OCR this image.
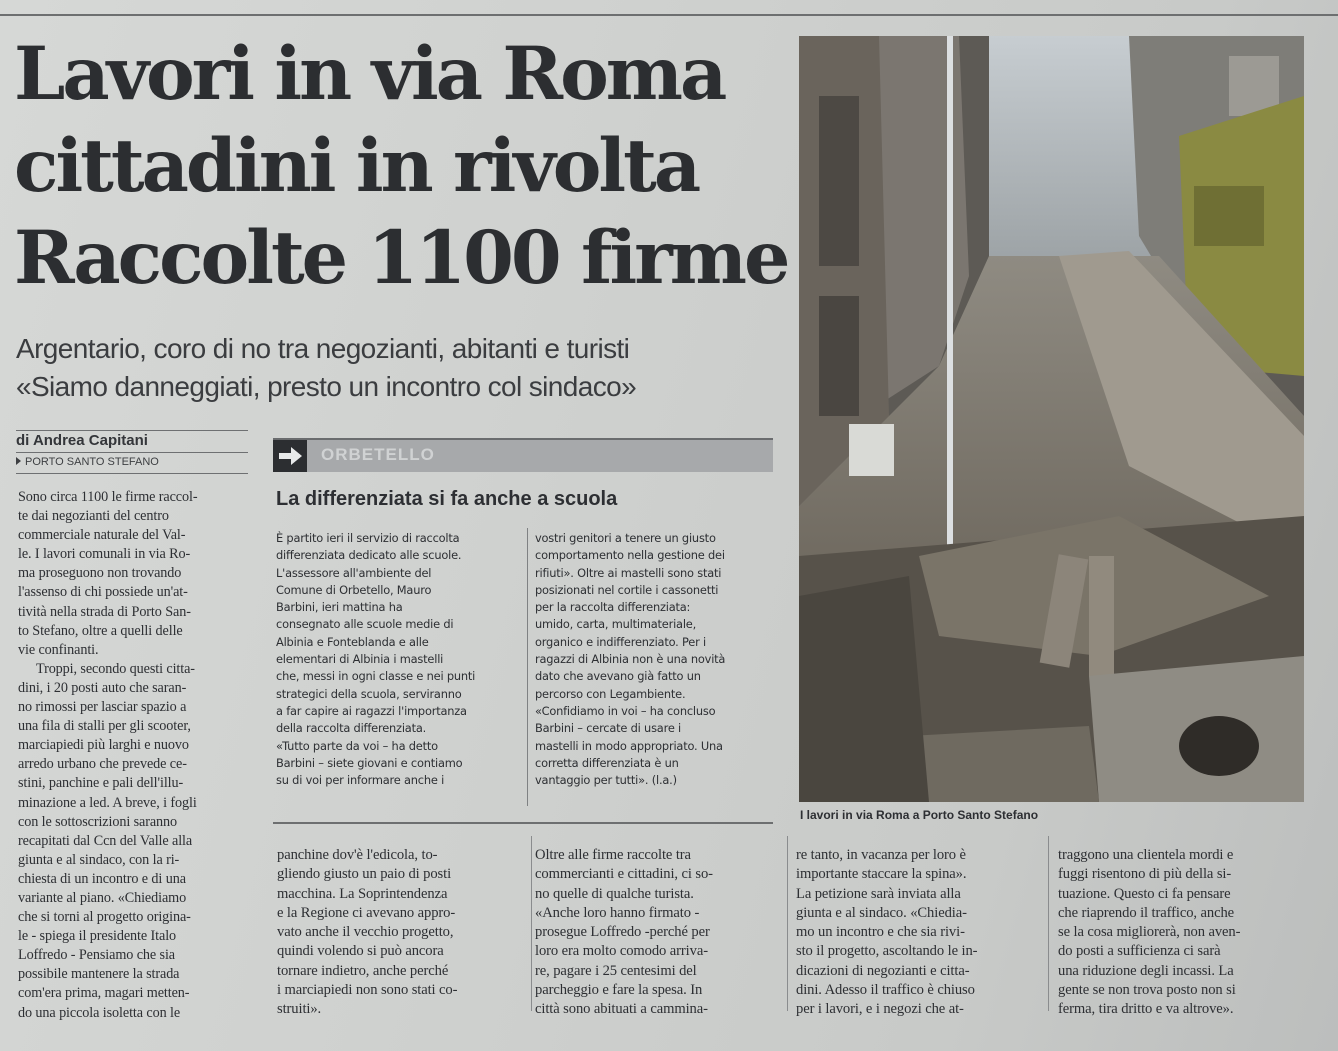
Lavori in via Roma
cittadini in rivolta
Raccolte 1100 firme
Argentario, coro di no tra negozianti, abitanti e turisti
«Siamo danneggiati, presto un incontro col sindaco»
di Andrea Capitani
PORTO SANTO STEFANO
Sono circa 1100 le firme raccol-
te dai negozianti del centro
commerciale naturale del Val-
le. I lavori comunali in via Ro-
ma proseguono non trovando
l'assenso di chi possiede un'at-
tività nella strada di Porto San-
to Stefano, oltre a quelli delle
vie confinanti.
Troppi, secondo questi citta-
dini, i 20 posti auto che saran-
no rimossi per lasciar spazio a
una fila di stalli per gli scooter,
marciapiedi più larghi e nuovo
arredo urbano che prevede ce-
stini, panchine e pali dell'illu-
minazione a led. A breve, i fogli
con le sottoscrizioni saranno
recapitati dal Ccn del Valle alla
giunta e al sindaco, con la ri-
chiesta di un incontro e di una
variante al piano. «Chiediamo
che si torni al progetto origina-
le - spiega il presidente Italo
Loffredo - Pensiamo che sia
possibile mantenere la strada
com'era prima, magari metten-
do una piccola isoletta con le
ORBETELLO
La differenziata si fa anche a scuola
È partito ieri il servizio di raccolta
differenziata dedicato alle scuole.
L'assessore all'ambiente del
Comune di Orbetello, Mauro
Barbini, ieri mattina ha
consegnato alle scuole medie di
Albinia e Fonteblanda e alle
elementari di Albinia i mastelli
che, messi in ogni classe e nei punti
strategici della scuola, serviranno
a far capire ai ragazzi l'importanza
della raccolta differenziata.
«Tutto parte da voi – ha detto
Barbini – siete giovani e contiamo
su di voi per informare anche i
vostri genitori a tenere un giusto
comportamento nella gestione dei
rifiuti». Oltre ai mastelli sono stati
posizionati nel cortile i cassonetti
per la raccolta differenziata:
umido, carta, multimateriale,
organico e indifferenziato. Per i
ragazzi di Albinia non è una novità
dato che avevano già fatto un
percorso con Legambiente.
«Confidiamo in voi – ha concluso
Barbini – cercate di usare i
mastelli in modo appropriato. Una
corretta differenziata è un
vantaggio per tutti». (l.a.)
I lavori in via Roma a Porto Santo Stefano
panchine dov'è l'edicola, to-
gliendo giusto un paio di posti
macchina. La Soprintendenza
e la Regione ci avevano appro-
vato anche il vecchio progetto,
quindi volendo si può ancora
tornare indietro, anche perché
i marciapiedi non sono stati co-
struiti».
Oltre alle firme raccolte tra
commercianti e cittadini, ci so-
no quelle di qualche turista.
«Anche loro hanno firmato -
prosegue Loffredo -perché per
loro era molto comodo arriva-
re, pagare i 25 centesimi del
parcheggio e fare la spesa. In
città sono abituati a cammina-
re tanto, in vacanza per loro è
importante staccare la spina».
La petizione sarà inviata alla
giunta e al sindaco. «Chiedia-
mo un incontro e che sia rivi-
sto il progetto, ascoltando le in-
dicazioni di negozianti e citta-
dini. Adesso il traffico è chiuso
per i lavori, e i negozi che at-
traggono una clientela mordi e
fuggi risentono di più della si-
tuazione. Questo ci fa pensare
che riaprendo il traffico, anche
se la cosa migliorerà, non aven-
do posti a sufficienza ci sarà
una riduzione degli incassi. La
gente se non trova posto non si
ferma, tira dritto e va altrove».
